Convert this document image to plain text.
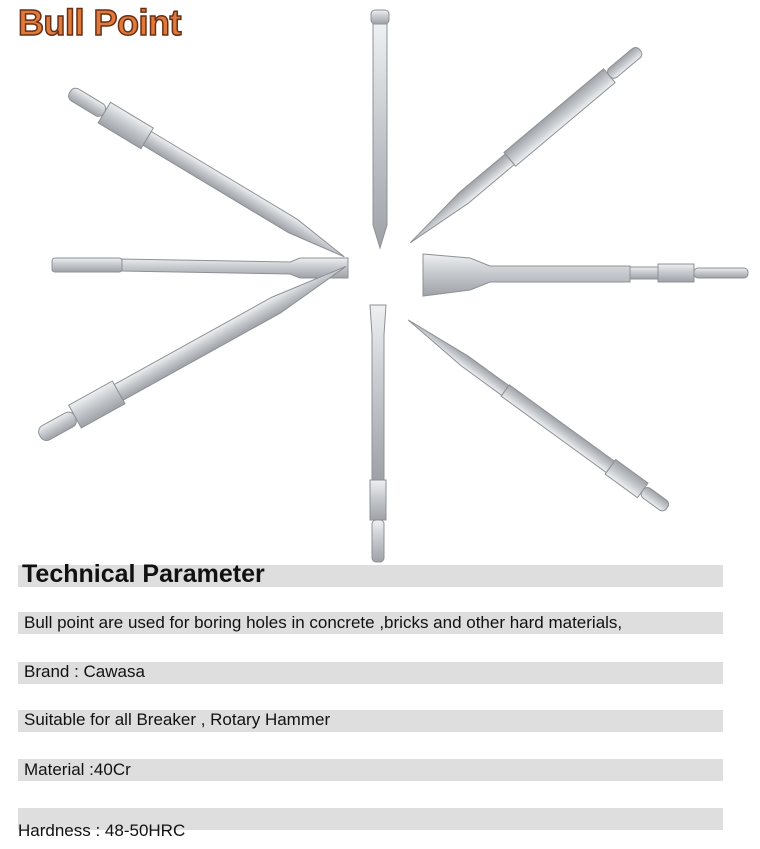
Bull Point
Technical Parameter
Bull point are used for boring holes in concrete ,bricks and other hard materials,
Brand : Cawasa
Suitable for all Breaker , Rotary Hammer
Material :40Cr
Hardness : 48-50HRC
